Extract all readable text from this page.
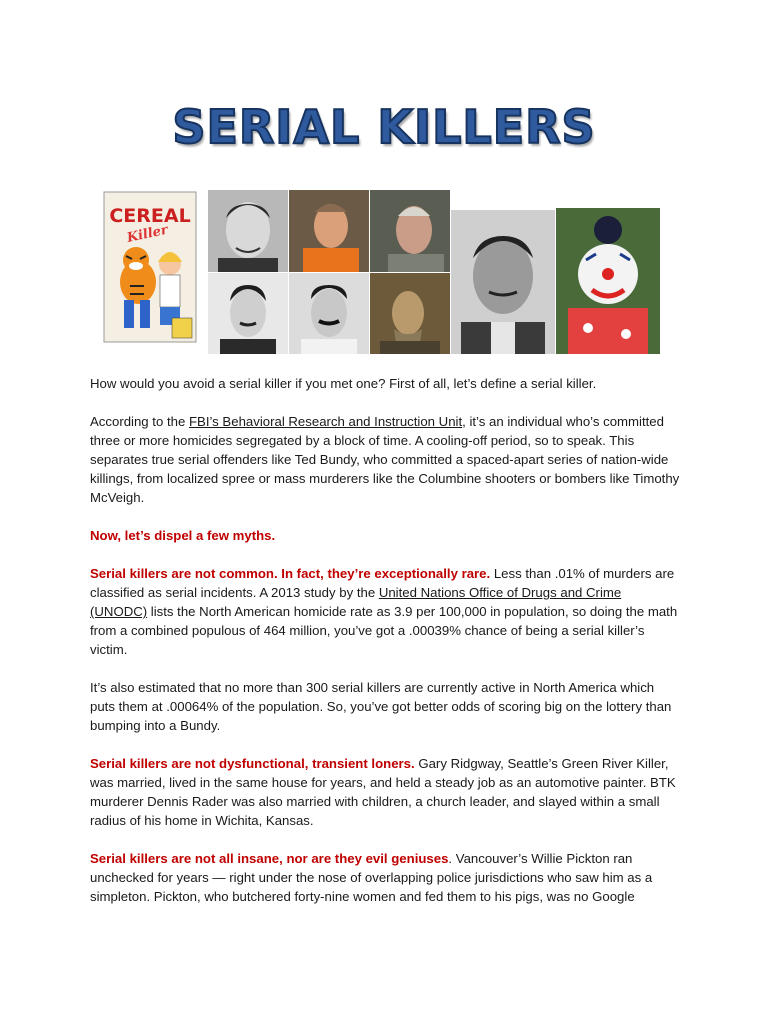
SERIAL KILLERS
CEREAL
Killer

How would you avoid a serial killer if you met one? First of all, let’s define a serial killer.

According to the FBI’s Behavioral Research and Instruction Unit, it’s an individual who’s committed three or more homicides segregated by a block of time. A cooling-off period, so to speak. This separates true serial offenders like Ted Bundy, who committed a spaced-apart series of nation-wide killings, from localized spree or mass murderers like the Columbine shooters or bombers like Timothy McVeigh.

Now, let’s dispel a few myths.

Serial killers are not common. In fact, they’re exceptionally rare. Less than .01% of murders are classified as serial incidents. A 2013 study by the United Nations Office of Drugs and Crime (UNODC) lists the North American homicide rate as 3.9 per 100,000 in population, so doing the math from a combined populous of 464 million, you’ve got a .00039% chance of being a serial killer’s victim.

It’s also estimated that no more than 300 serial killers are currently active in North America which puts them at .00064% of the population. So, you’ve got better odds of scoring big on the lottery than bumping into a Bundy.

Serial killers are not dysfunctional, transient loners. Gary Ridgway, Seattle’s Green River Killer, was married, lived in the same house for years, and held a steady job as an automotive painter. BTK murderer Dennis Rader was also married with children, a church leader, and slayed within a small radius of his home in Wichita, Kansas.

Serial killers are not all insane, nor are they evil geniuses. Vancouver’s Willie Pickton ran unchecked for years — right under the nose of overlapping police jurisdictions who saw him as a simpleton. Pickton, who butchered forty-nine women and fed them to his pigs, was no Google
